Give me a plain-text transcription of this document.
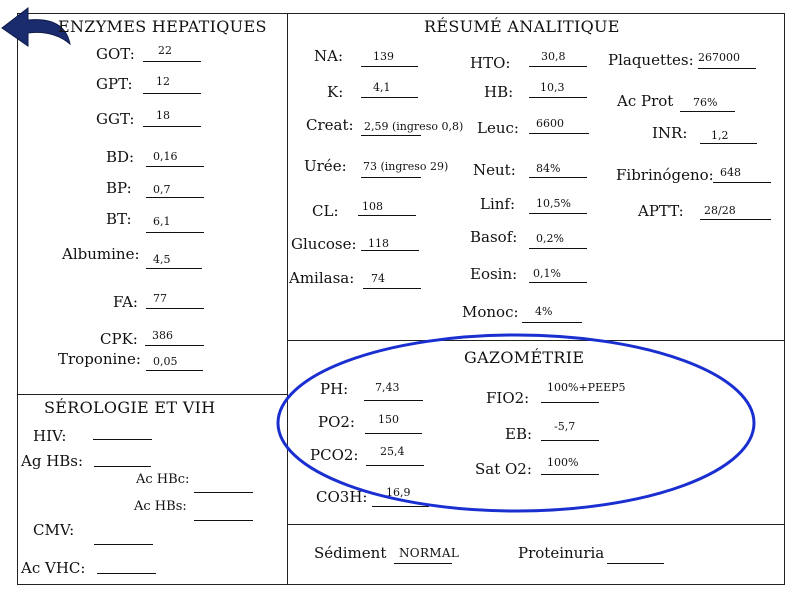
ENZYMES HEPATIQUES	RÉSUMÉ ANALITIQUE
GAZOMÉTRIE
SÉROLOGIE ET VIH
GOT: 22
GPT: 12
GGT: 18
BD: 0,16
BP: 0,7
BT: 6,1
Albumine: 4,5
FA: 77
CPK: 386
Troponine: 0,05
NA:	139
K:	4,1
Creat: 2,59 (ingreso 0,8)
Urée: 73 (ingreso 29)
CL: 108
Glucose: 118
Amilasa: 74
HTO:	30,8
HB: 10,3
Leuc: 6600
Neut: 84%
Linf: 10,5%
Basof: 0,2%
Eosin: 0,1%
Monoc: 4%
Plaquettes: 267000
Ac Prot 76%
INR: 1,2
Fibrinógeno: 648
APTT: 28/28
PH: 7,43
PO2: 150
PCO2: 25,4
CO3H: 16,9
FIO2:
100%+PEEP5
EB: -5,7
Sat O2: 100%
HIV:
Ag HBs:
Ac HBc:
Ac HBs:
CMV:
Ac VHC:
Sédiment NORMAL	Proteinuria
